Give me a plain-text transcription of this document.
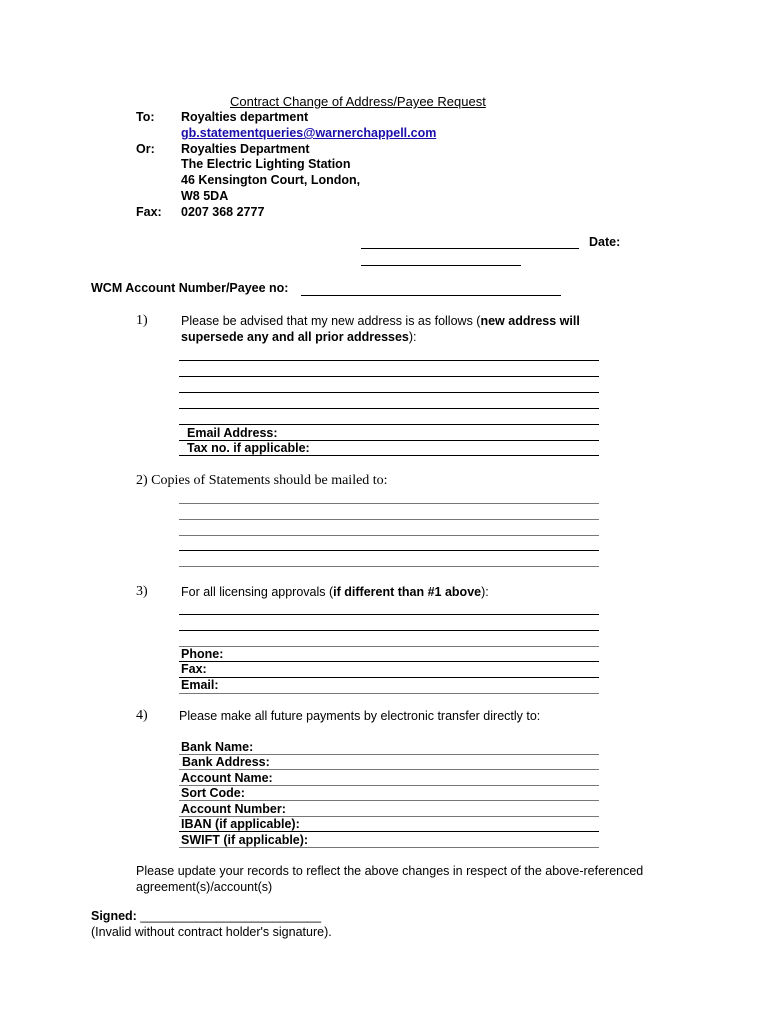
Contract Change of Address/Payee Request
To: Royalties department
gb.statementqueries@warnerchappell.com
Or: Royalties Department
The Electric Lighting Station
46 Kensington Court, London,
W8 5DA
Fax: 0207 368 2777
Date:
WCM Account Number/Payee no:
1)	Please be advised that my new address is as follows (new address will
supersede any and all prior addresses):
Email Address:
Tax no. if applicable:
2) Copies of Statements should be mailed to:
3)	For all licensing approvals (if different than #1 above):
Phone:
Fax:
Email:
4)	Please make all future payments by electronic transfer directly to:
Bank Name:
Bank Address:
Account Name:
Sort Code:
Account Number:
IBAN (if applicable):
SWIFT (if applicable):
Please update your records to reflect the above changes in respect of the above-referenced
agreement(s)/account(s)
Signed: __________________________
(Invalid without contract holder's signature).
